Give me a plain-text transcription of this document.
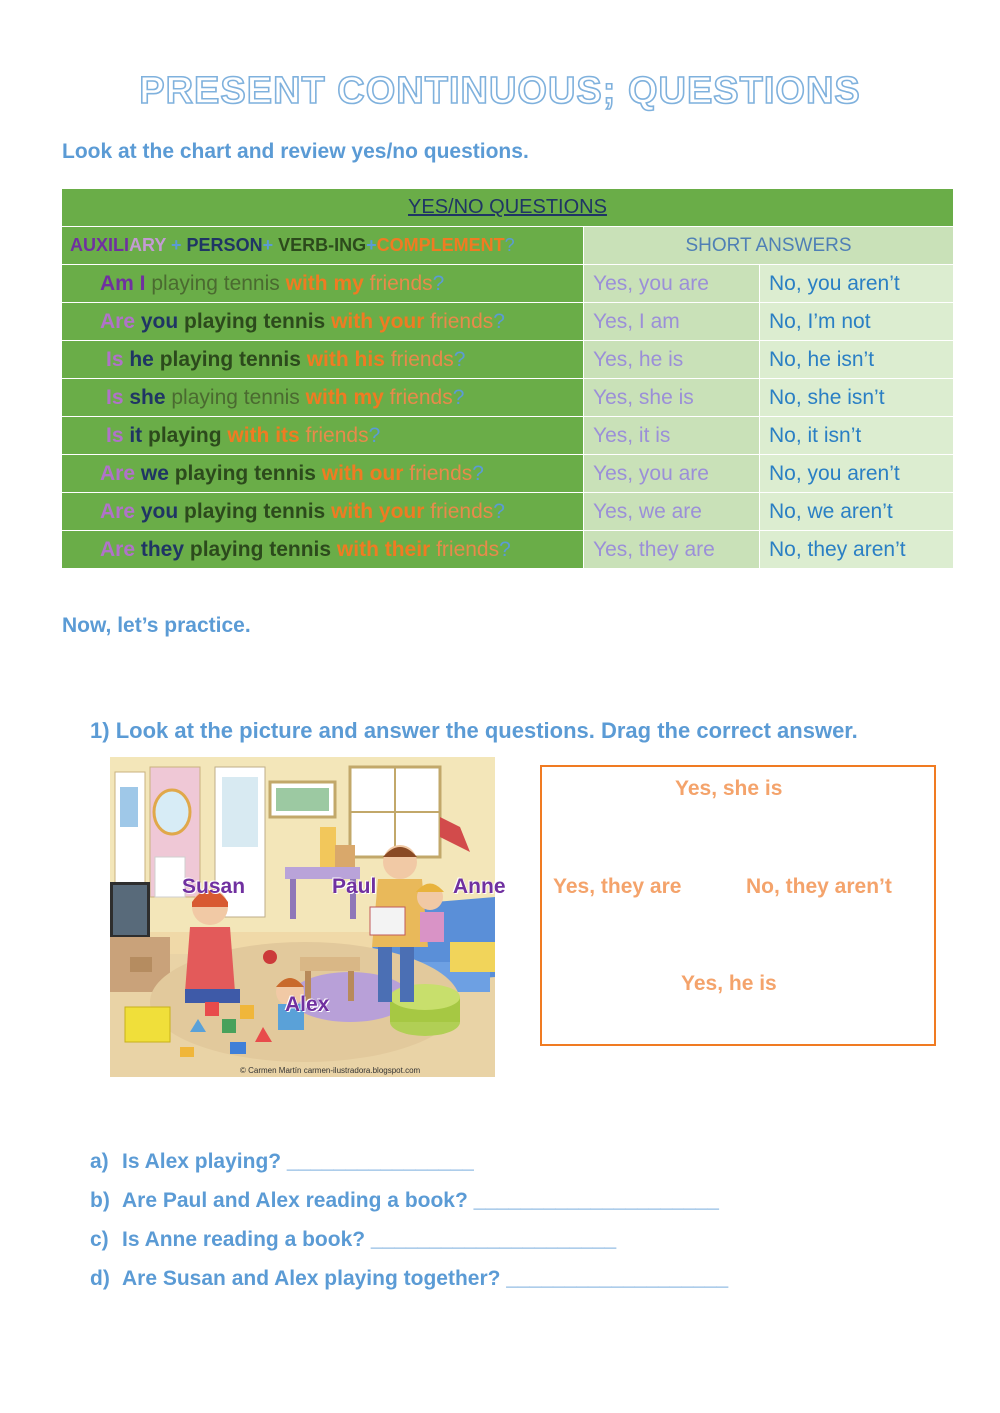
PRESENT CONTINUOUS; QUESTIONS
Look at the chart and review yes/no questions.
YES/NO QUESTIONS		
AUXILIARY + PERSON+ VERB-ING+COMPLEMENT?	SHORT ANSWERS	
Am I playing tennis with my friends?	Yes, you are	No, you aren’t
Are you playing tennis with your friends?	Yes, I am	No, I’m not
Is he playing tennis with his friends?	Yes, he is	No, he isn’t
Is she playing tennis with my friends?	Yes, she is	No, she isn’t
Is it playing with its friends?	Yes, it is	No, it isn’t
Are we playing tennis with our friends?	Yes, you are	No, you aren’t
Are you playing tennis with your friends?	Yes, we are	No, we aren’t
Are they playing tennis with their friends?	Yes, they are	No, they aren’t
Now, let’s practice.
1) Look at the picture and answer the questions. Drag the correct answer.
© Carmen Martín carmen-ilustradora.blogspot.com
Susan	Paul	Anne
Alex
Yes, she is
Yes, they are	No, they aren’t
Yes, he is
a) Is Alex playing? ________________
b) Are Paul and Alex reading a book? _____________________
c) Is Anne reading a book? _____________________
d) Are Susan and Alex playing together? ___________________
